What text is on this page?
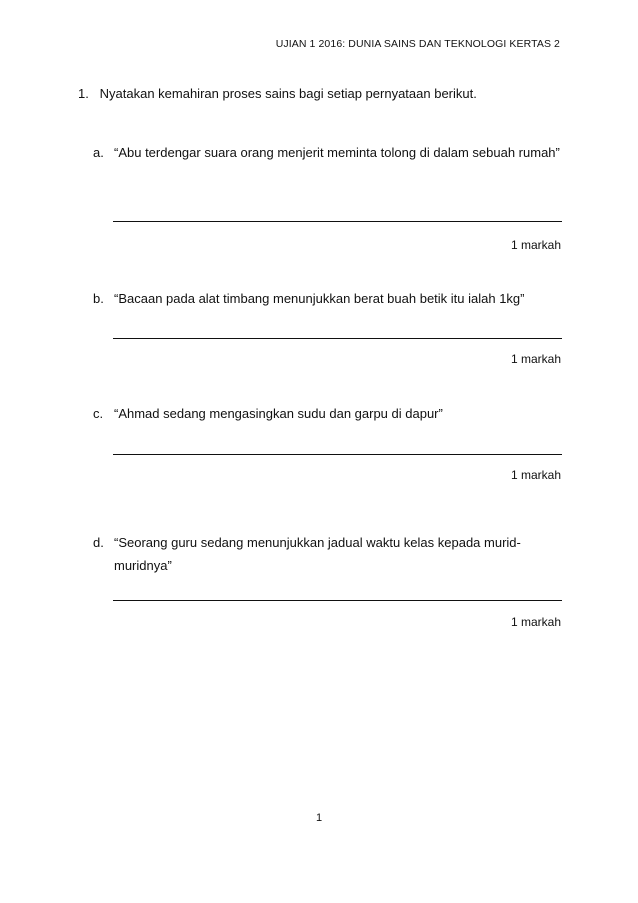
UJIAN 1 2016: DUNIA SAINS DAN TEKNOLOGI KERTAS 2
1. Nyatakan kemahiran proses sains bagi setiap pernyataan berikut.
a. “Abu terdengar suara orang menjerit meminta tolong di dalam sebuah rumah”
1 markah
b. “Bacaan pada alat timbang menunjukkan berat buah betik itu ialah 1kg”
1 markah
c. “Ahmad sedang mengasingkan sudu dan garpu di dapur”
1 markah
d. “Seorang guru sedang menunjukkan jadual waktu kelas kepada murid-muridnya”
1 markah
1
